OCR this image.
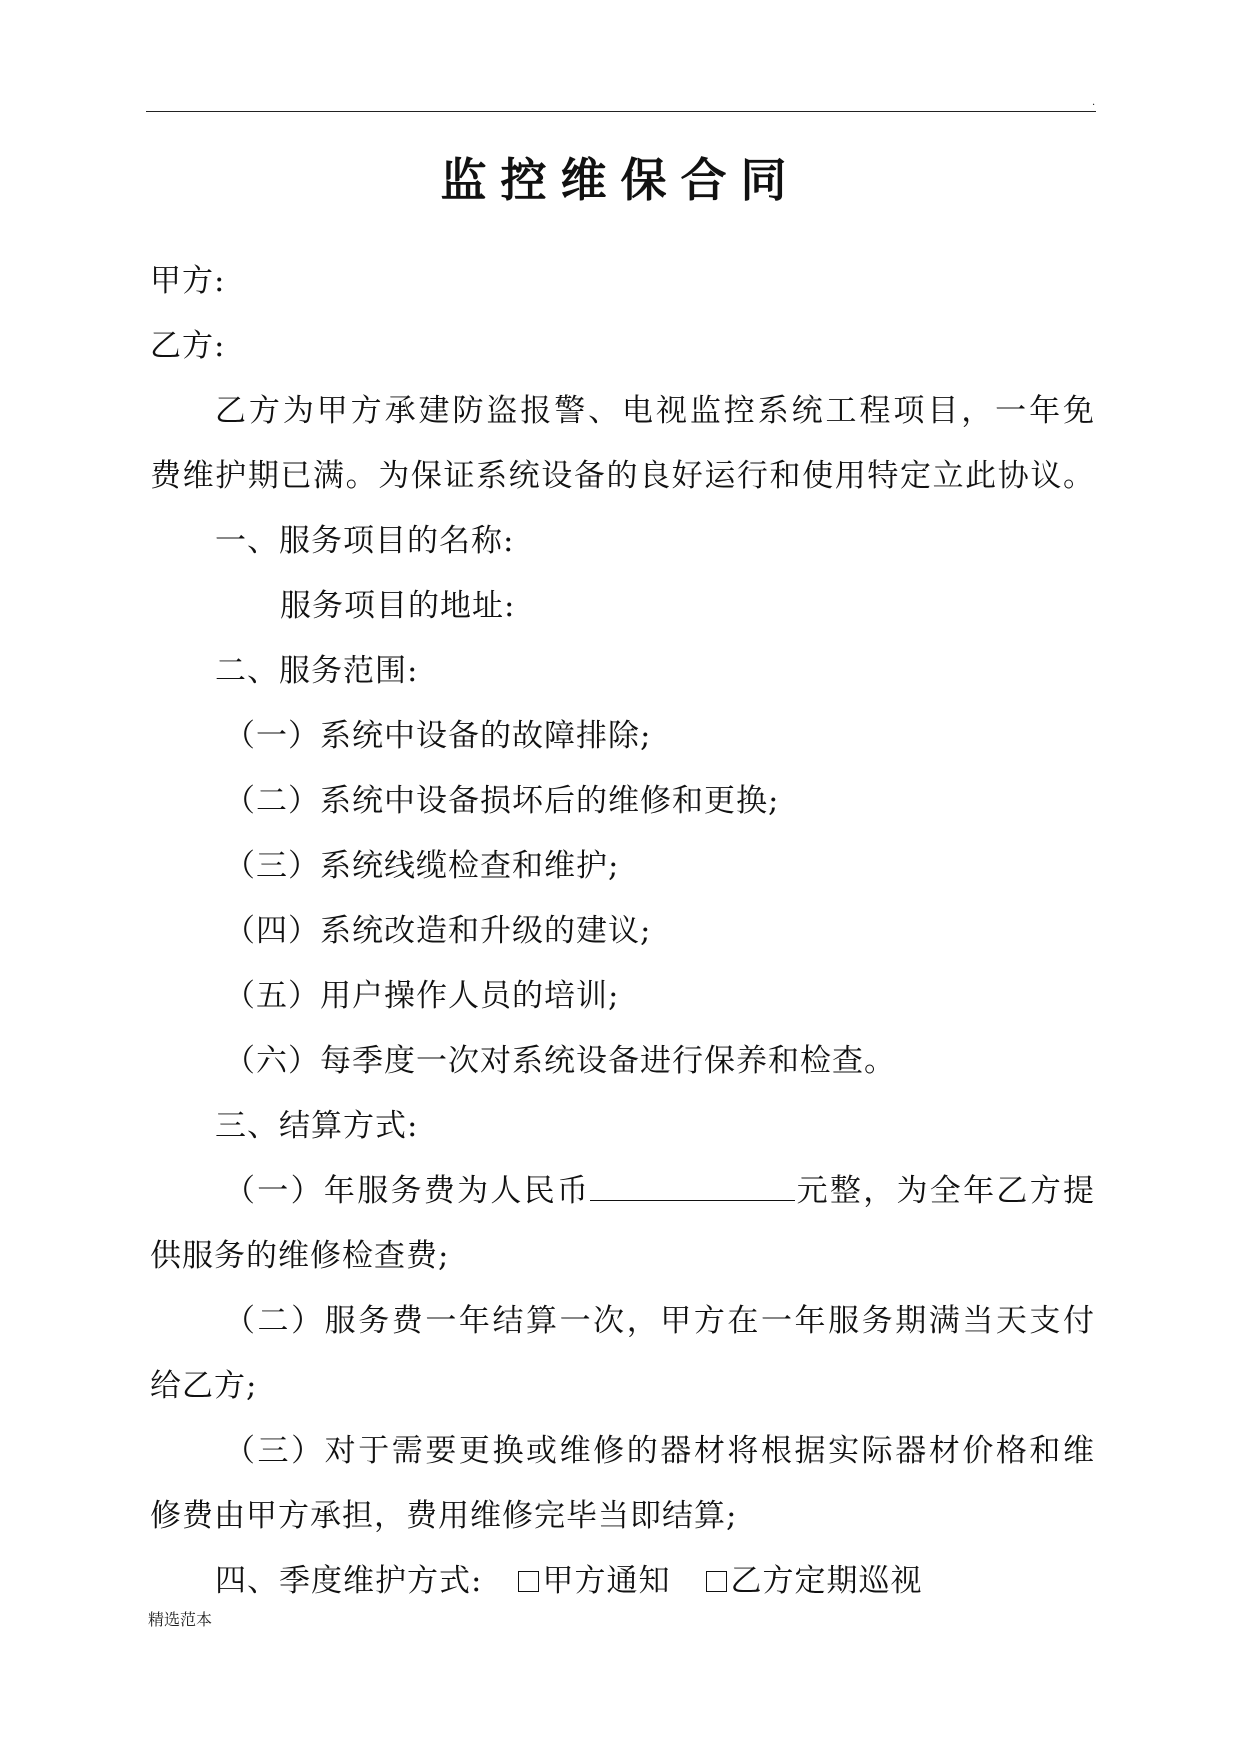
.
监控维保合同
甲方:
乙方:
乙方为甲方承建防盗报警、电视监控系统工程项目，一年免
费维护期已满。为保证系统设备的良好运行和使用特定立此协议。
一、服务项目的名称:
服务项目的地址:
二、服务范围:
（一）系统中设备的故障排除;
（二）系统中设备损坏后的维修和更换;
（三）系统线缆检查和维护;
（四）系统改造和升级的建议;
（五）用户操作人员的培训;
（六）每季度一次对系统设备进行保养和检查。
三、结算方式:
（一）年服务费为人民币	元整，为全年乙方提
供服务的维修检查费;
（二）服务费一年结算一次，甲方在一年服务期满当天支付
给乙方;
（三）对于需要更换或维修的器材将根据实际器材价格和维
修费由甲方承担，费用维修完毕当即结算;
四、季度维护方式: 甲方通知 乙方定期巡视
精选范本
